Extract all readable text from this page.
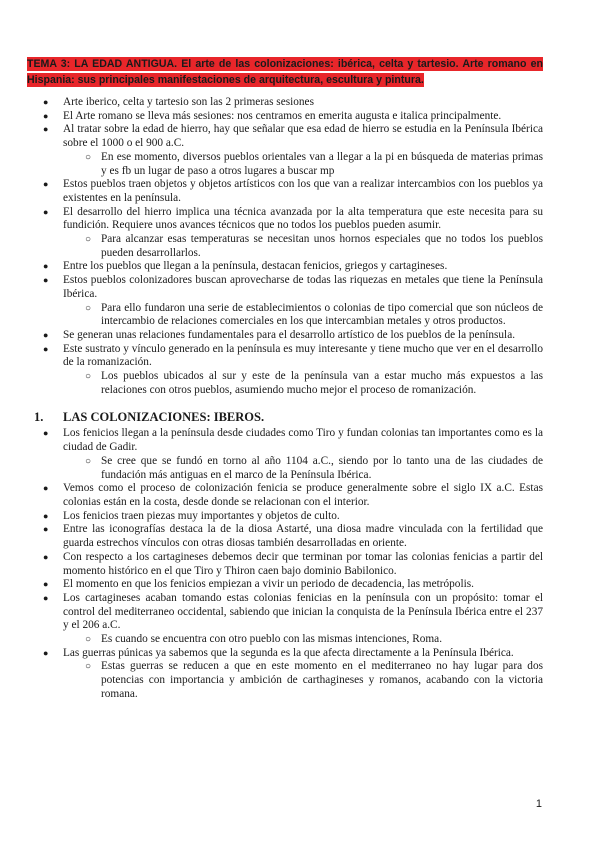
TEMA 3: LA EDAD ANTIGUA. El arte de las colonizaciones: ibérica, celta y tartesio. Arte romano en Hispania: sus principales manifestaciones de arquitectura, escultura y pintura.
● Arte iberico, celta y tartesio son las 2 primeras sesiones
● El Arte romano se lleva más sesiones: nos centramos en emerita augusta e italica principalmente.
● Al tratar sobre la edad de hierro, hay que señalar que esa edad de hierro se estudia en la Península Ibérica sobre el 1000 o el 900 a.C.
○ En ese momento, diversos pueblos orientales van a llegar a la pi en búsqueda de materias primas y es fb un lugar de paso a otros lugares a buscar mp
● Estos pueblos traen objetos y objetos artísticos con los que van a realizar intercambios con los pueblos ya existentes en la península.
● El desarrollo del hierro implica una técnica avanzada por la alta temperatura que este necesita para su fundición. Requiere unos avances técnicos que no todos los pueblos pueden asumir.
○ Para alcanzar esas temperaturas se necesitan unos hornos especiales que no todos los pueblos pueden desarrollarlos.
● Entre los pueblos que llegan a la península, destacan fenicios, griegos y cartagineses.
● Estos pueblos colonizadores buscan aprovecharse de todas las riquezas en metales que tiene la Península Ibérica.
○ Para ello fundaron una serie de establecimientos o colonias de tipo comercial que son núcleos de intercambio de relaciones comerciales en los que intercambian metales y otros productos.
● Se generan unas relaciones fundamentales para el desarrollo artístico de los pueblos de la península.
● Este sustrato y vínculo generado en la península es muy interesante y tiene mucho que ver en el desarrollo de la romanización.
○ Los pueblos ubicados al sur y este de la península van a estar mucho más expuestos a las relaciones con otros pueblos, asumiendo mucho mejor el proceso de romanización.
1. LAS COLONIZACIONES: IBEROS.
● Los fenicios llegan a la península desde ciudades como Tiro y fundan colonias tan importantes como es la ciudad de Gadir.
○ Se cree que se fundó en torno al año 1104 a.C., siendo por lo tanto una de las ciudades de fundación más antiguas en el marco de la Península Ibérica.
● Vemos como el proceso de colonización fenicia se produce generalmente sobre el siglo IX a.C. Estas colonias están en la costa, desde donde se relacionan con el interior.
● Los fenicios traen piezas muy importantes y objetos de culto.
● Entre las iconografías destaca la de la diosa Astarté, una diosa madre vinculada con la fertilidad que guarda estrechos vínculos con otras diosas también desarrolladas en oriente.
● Con respecto a los cartagineses debemos decir que terminan por tomar las colonias fenicias a partir del momento histórico en el que Tiro y Thiron caen bajo dominio Babilonico.
● El momento en que los fenicios empiezan a vivir un periodo de decadencia, las metrópolis.
● Los cartagineses acaban tomando estas colonias fenicias en la península con un propósito: tomar el control del mediterraneo occidental, sabiendo que inician la conquista de la Península Ibérica entre el 237 y el 206 a.C.
○ Es cuando se encuentra con otro pueblo con las mismas intenciones, Roma.
● Las guerras púnicas ya sabemos que la segunda es la que afecta directamente a la Península Ibérica.
○ Estas guerras se reducen a que en este momento en el mediterraneo no hay lugar para dos potencias con importancia y ambición de carthagineses y romanos, acabando con la victoria romana.
1
